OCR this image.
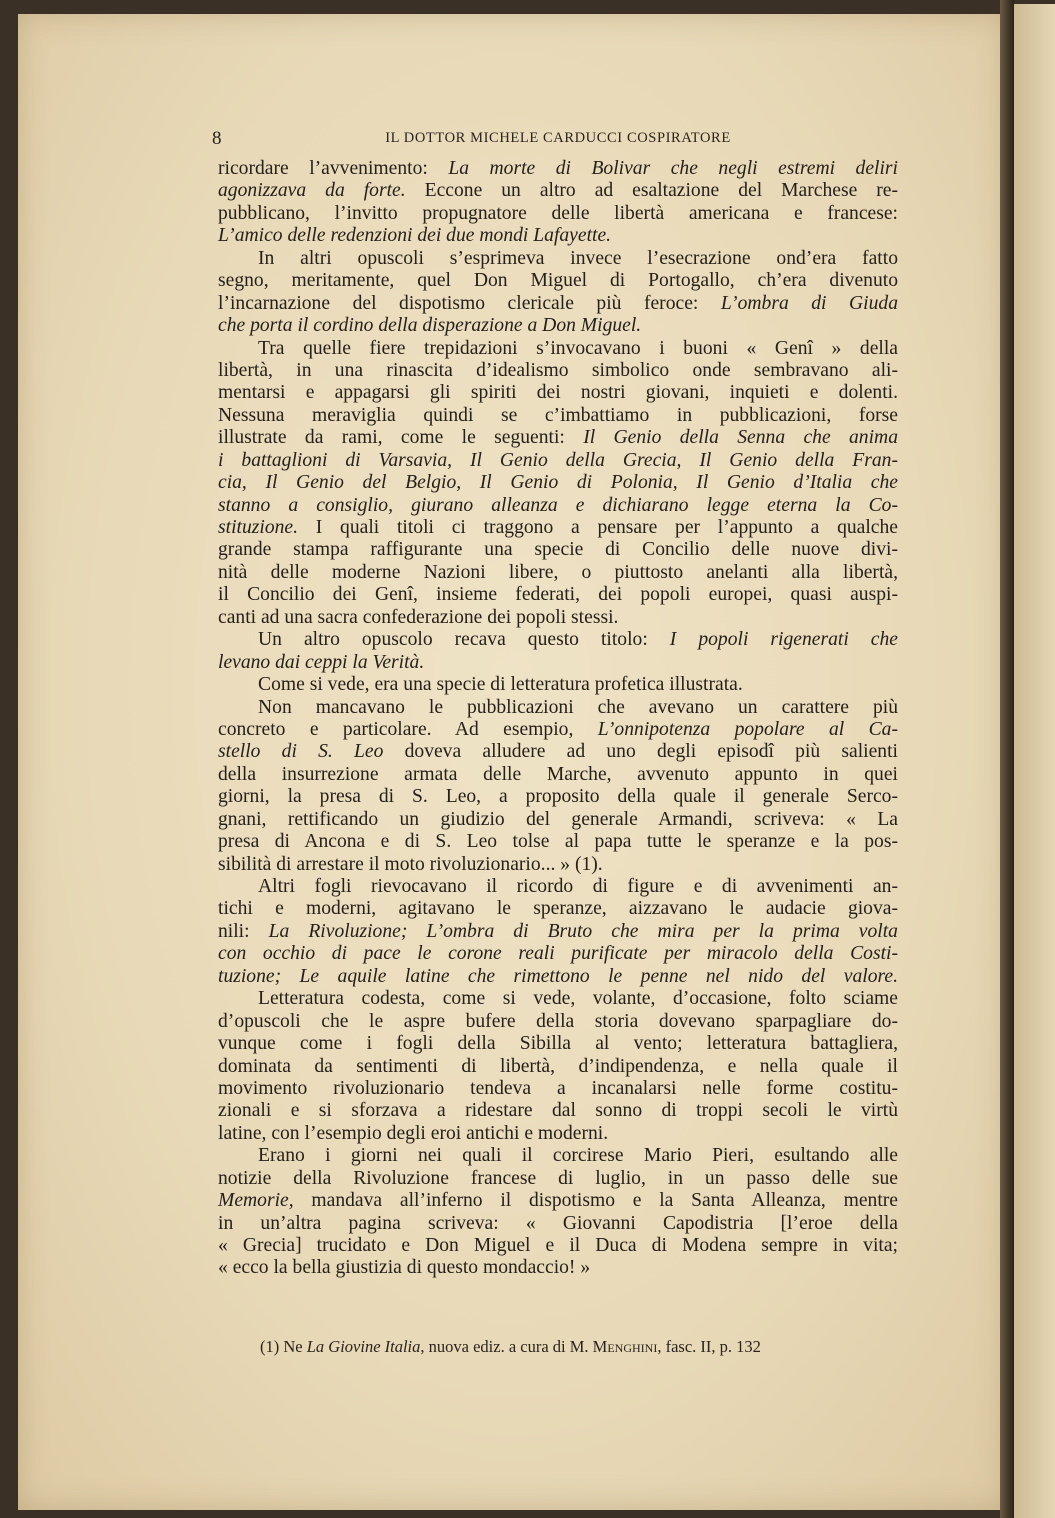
8	IL DOTTOR MICHELE CARDUCCI COSPIRATORE
ricordare l’avvenimento: La morte di Bolivar che negli estremi deliri
agonizzava da forte. Eccone un altro ad esaltazione del Marchese re-
pubblicano, l’invitto propugnatore delle libertà americana e francese:
L’amico delle redenzioni dei due mondi Lafayette.
In altri opuscoli s’esprimeva invece l’esecrazione ond’era fatto
segno, meritamente, quel Don Miguel di Portogallo, ch’era divenuto
l’incarnazione del dispotismo clericale più feroce: L’ombra di Giuda
che porta il cordino della disperazione a Don Miguel.
Tra quelle fiere trepidazioni s’invocavano i buoni « Genî » della
libertà, in una rinascita d’idealismo simbolico onde sembravano ali-
mentarsi e appagarsi gli spiriti dei nostri giovani, inquieti e dolenti.
Nessuna meraviglia quindi se c’imbattiamo in pubblicazioni, forse
illustrate da rami, come le seguenti: Il Genio della Senna che anima
i battaglioni di Varsavia, Il Genio della Grecia, Il Genio della Fran-
cia, Il Genio del Belgio, Il Genio di Polonia, Il Genio d’Italia che
stanno a consiglio, giurano alleanza e dichiarano legge eterna la Co-
stituzione. I quali titoli ci traggono a pensare per l’appunto a qualche
grande stampa raffigurante una specie di Concilio delle nuove divi-
nità delle moderne Nazioni libere, o piuttosto anelanti alla libertà,
il Concilio dei Genî, insieme federati, dei popoli europei, quasi auspi-
canti ad una sacra confederazione dei popoli stessi.
Un altro opuscolo recava questo titolo: I popoli rigenerati che
levano dai ceppi la Verità.
Come si vede, era una specie di letteratura profetica illustrata.
Non mancavano le pubblicazioni che avevano un carattere più
concreto e particolare. Ad esempio, L’onnipotenza popolare al Ca-
stello di S. Leo doveva alludere ad uno degli episodî più salienti
della insurrezione armata delle Marche, avvenuto appunto in quei
giorni, la presa di S. Leo, a proposito della quale il generale Serco-
gnani, rettificando un giudizio del generale Armandi, scriveva: « La
presa di Ancona e di S. Leo tolse al papa tutte le speranze e la pos-
sibilità di arrestare il moto rivoluzionario... » (1).
Altri fogli rievocavano il ricordo di figure e di avvenimenti an-
tichi e moderni, agitavano le speranze, aizzavano le audacie giova-
nili: La Rivoluzione; L’ombra di Bruto che mira per la prima volta
con occhio di pace le corone reali purificate per miracolo della Costi-
tuzione; Le aquile latine che rimettono le penne nel nido del valore.
Letteratura codesta, come si vede, volante, d’occasione, folto sciame
d’opuscoli che le aspre bufere della storia dovevano sparpagliare do-
vunque come i fogli della Sibilla al vento; letteratura battagliera,
dominata da sentimenti di libertà, d’indipendenza, e nella quale il
movimento rivoluzionario tendeva a incanalarsi nelle forme costitu-
zionali e si sforzava a ridestare dal sonno di troppi secoli le virtù
latine, con l’esempio degli eroi antichi e moderni.
Erano i giorni nei quali il corcirese Mario Pieri, esultando alle
notizie della Rivoluzione francese di luglio, in un passo delle sue
Memorie, mandava all’inferno il dispotismo e la Santa Alleanza, mentre
in un’altra pagina scriveva: « Giovanni Capodistria [l’eroe della
« Grecia] trucidato e Don Miguel e il Duca di Modena sempre in vita;
« ecco la bella giustizia di questo mondaccio! »
(1) Ne La Giovine Italia, nuova ediz. a cura di M. Menghini, fasc. II, p. 132
